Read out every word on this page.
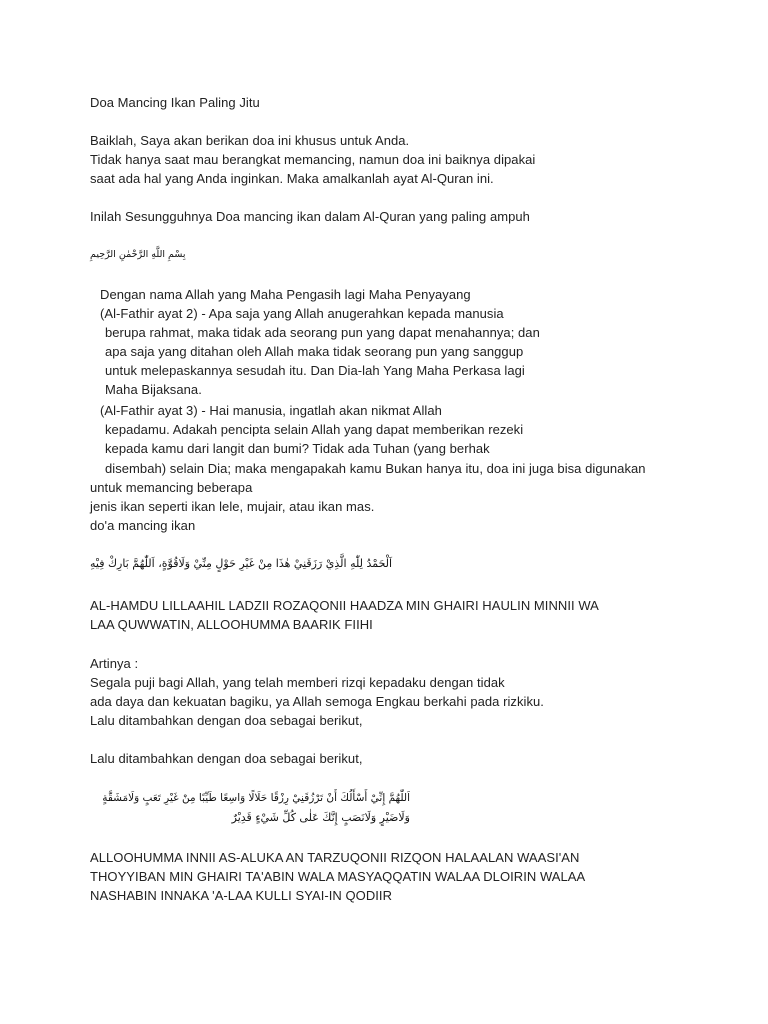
Doa Mancing Ikan Paling Jitu
Baiklah, Saya akan berikan doa ini khusus untuk Anda.
Tidak hanya saat mau berangkat memancing, namun doa ini baiknya dipakai
saat ada hal yang Anda inginkan. Maka amalkanlah ayat Al-Quran ini.
Inilah Sesungguhnya Doa mancing ikan dalam Al-Quran yang paling ampuh
بِسْمِ اللَّهِ الرَّحْمٰنِ الرَّحِيمِ
Dengan nama Allah yang Maha Pengasih lagi Maha Penyayang
(Al-Fathir ayat 2) - Apa saja yang Allah anugerahkan kepada manusia
berupa rahmat, maka tidak ada seorang pun yang dapat menahannya; dan
apa saja yang ditahan oleh Allah maka tidak seorang pun yang sanggup
untuk melepaskannya sesudah itu. Dan Dia-lah Yang Maha Perkasa lagi
Maha Bijaksana.
(Al-Fathir ayat 3) - Hai manusia, ingatlah akan nikmat Allah
kepadamu. Adakah pencipta selain Allah yang dapat memberikan rezeki
kepada kamu dari langit dan bumi? Tidak ada Tuhan (yang berhak
disembah) selain Dia; maka mengapakah kamu Bukan hanya itu, doa ini juga bisa digunakan
untuk memancing beberapa
jenis ikan seperti ikan lele, mujair, atau ikan mas.
do'a mancing ikan
اَلْحَمْدُ لِلّٰهِ الَّذِيْ رَزَقَنِيْ هٰذَا مِنْ غَيْرِ حَوْلٍ مِنِّيْ وَلَاقُوَّةٍ، اَللّٰهُمَّ بَارِكْ فِيْهِ
AL-HAMDU LILLAAHIL LADZII ROZAQONII HAADZA MIN GHAIRI HAULIN MINNII WA
LAA QUWWATIN, ALLOOHUMMA BAARIK FIIHI
Artinya :
Segala puji bagi Allah, yang telah memberi rizqi kepadaku dengan tidak
ada daya dan kekuatan bagiku, ya Allah semoga Engkau berkahi pada rizkiku.
Lalu ditambahkan dengan doa sebagai berikut,
Lalu ditambahkan dengan doa sebagai berikut,
اَللّٰهُمَّ إِنِّيْ أَسْأَلُكَ أَنْ تَرْزُقَنِيْ رِزْقًا حَلَالًا وَاسِعًا طَيِّبًا مِنْ غَيْرِ تَعَبٍ وَلَامَشَقَّةٍ
وَلَاضَيْرٍ وَلَانَصَبٍ إِنَّكَ عَلٰى كُلِّ شَيْءٍ قَدِيْرٌ
ALLOOHUMMA INNII AS-ALUKA AN TARZUQONII RIZQON HALAALAN WAASI'AN
THOYYIBAN MIN GHAIRI TA'ABIN WALA MASYAQQATIN WALAA DLOIRIN WALAA
NASHABIN INNAKA 'A-LAA KULLI SYAI-IN QODIIR
